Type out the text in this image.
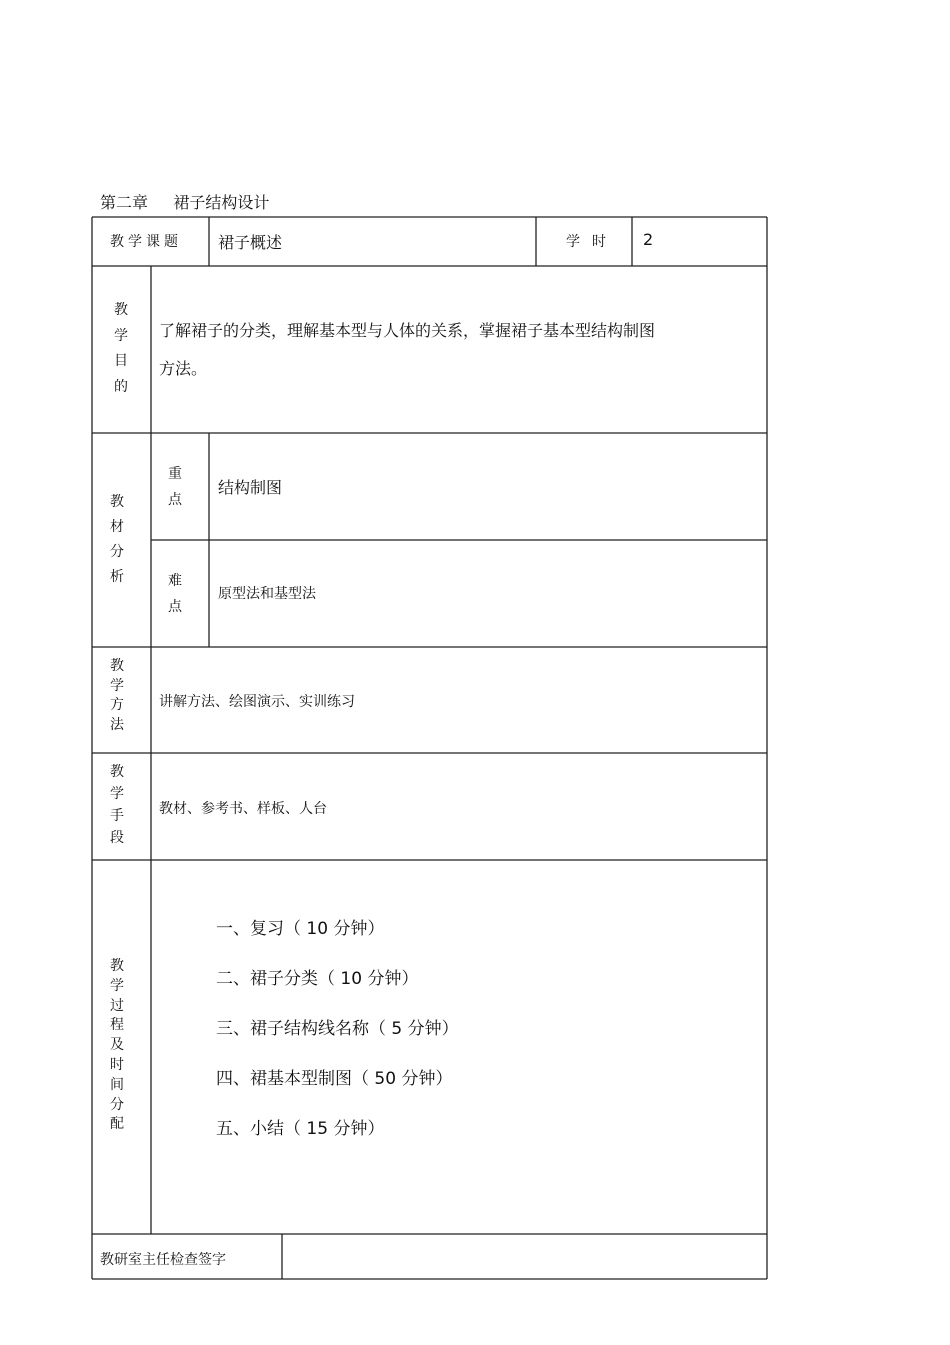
第二章     裙子结构设计
教学课题 裙子概述	学时 2
教
学
目
的
了解裙子的分类，理解基本型与人体的关系，掌握裙子基本型结构制图
方法。
教
材
分
析
重
点
结构制图
难
点
原型法和基型法
教
学
方
法
讲解方法、绘图演示、实训练习
教
学
手
段
教材、参考书、样板、人台
教
学
过
程
及
时
间
分
配
一、复习（ 10 分钟）
二、裙子分类（ 10 分钟）
三、裙子结构线名称（ 5 分钟）
四、裙基本型制图（ 50 分钟）
五、小结（ 15 分钟）
教研室主任检查签字
